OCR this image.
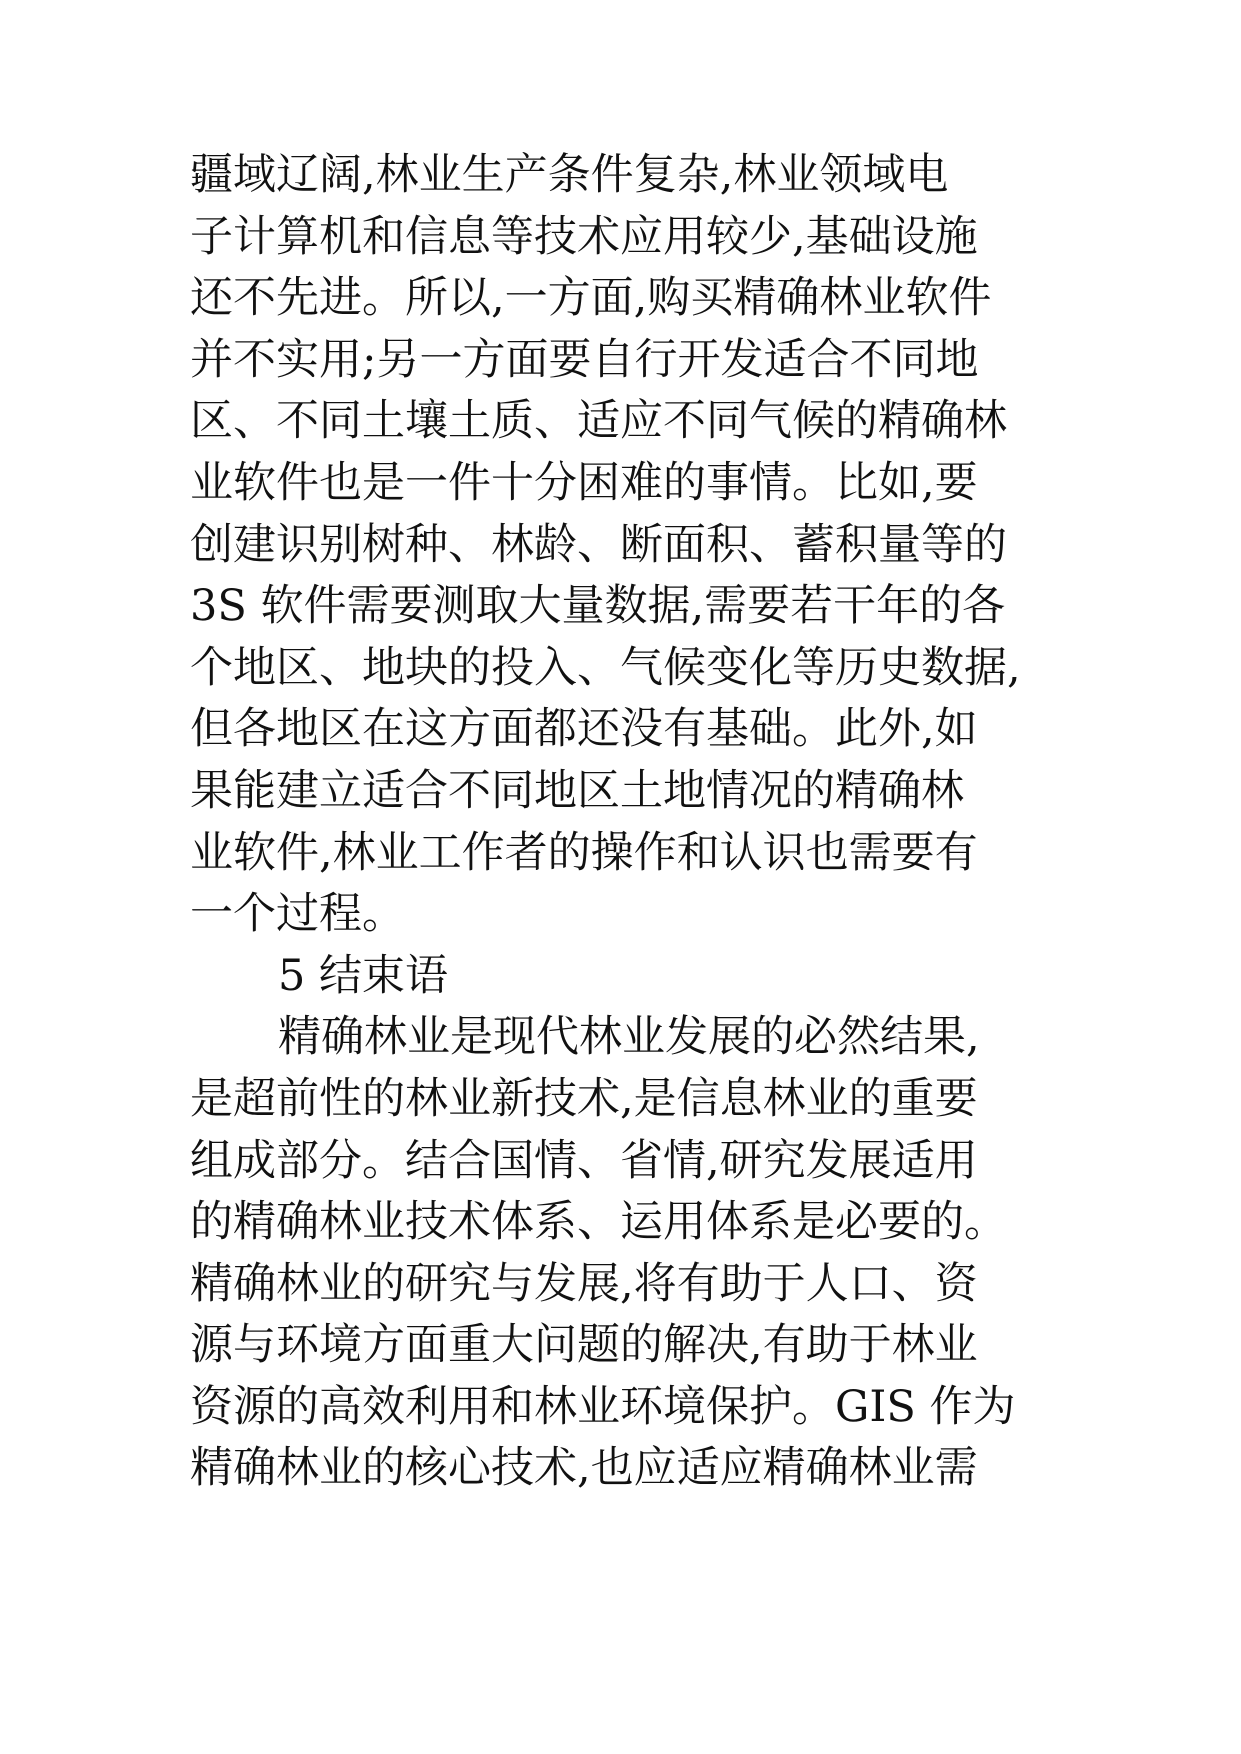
疆域辽阔,林业生产条件复杂,林业领域电
子计算机和信息等技术应用较少,基础设施
还不先进。所以,一方面,购买精确林业软件
并不实用;另一方面要自行开发适合不同地
区、不同土壤土质、适应不同气候的精确林
业软件也是一件十分困难的事情。比如,要
创建识别树种、林龄、断面积、蓄积量等的
3S 软件需要测取大量数据,需要若干年的各
个地区、地块的投入、气候变化等历史数据,
但各地区在这方面都还没有基础。此外,如
果能建立适合不同地区土地情况的精确林
业软件,林业工作者的操作和认识也需要有
一个过程。
5 结束语
精确林业是现代林业发展的必然结果,
是超前性的林业新技术,是信息林业的重要
组成部分。结合国情、省情,研究发展适用
的精确林业技术体系、运用体系是必要的。
精确林业的研究与发展,将有助于人口、资
源与环境方面重大问题的解决,有助于林业
资源的高效利用和林业环境保护。GIS 作为
精确林业的核心技术,也应适应精确林业需
